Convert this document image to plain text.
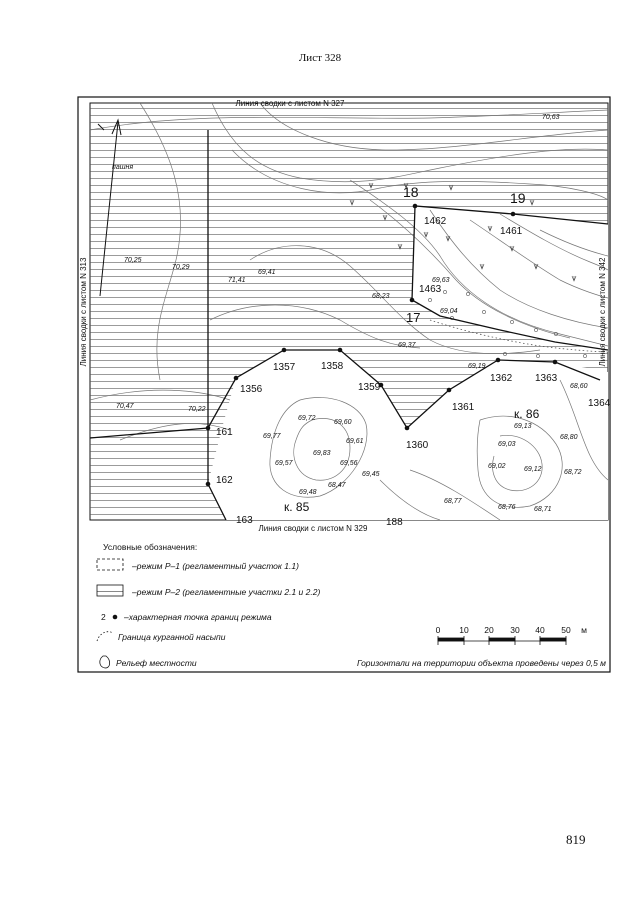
Лист 328
Линия сводки с листом N 327
Линия сводки с листом N 329
Линия сводки с листом N 313	Линия сводки с листом N 342
пашня
70,63
70,25
70,29
71,41
69,41
68,23
69,63
69,04
69,37
69,19
68,60
70,47	70,22
69,72
69,60
69,77
69,61
69,83
69,57	69,56
69,45
69,48
68,47
68,77
68,76	68,71
69,13
68,80
69,03
69,02	69,12	68,72
1462
1461
1463
1357	1358
1356	1359
1361
1362 1363
1364
1360
161
162
163	188
18	19
17
к. 86
к. 85
Условные обозначения:
–режим Р–1 (регламентный участок 1.1)
–режим Р–2 (регламентные участки 2.1 и 2.2)
2 –характерная точка границ режима
Граница курганной насыпи
Рельеф местности
0 10 20 30 40 50 м
Горизонтали на территории объекта проведены через 0,5 м
819
